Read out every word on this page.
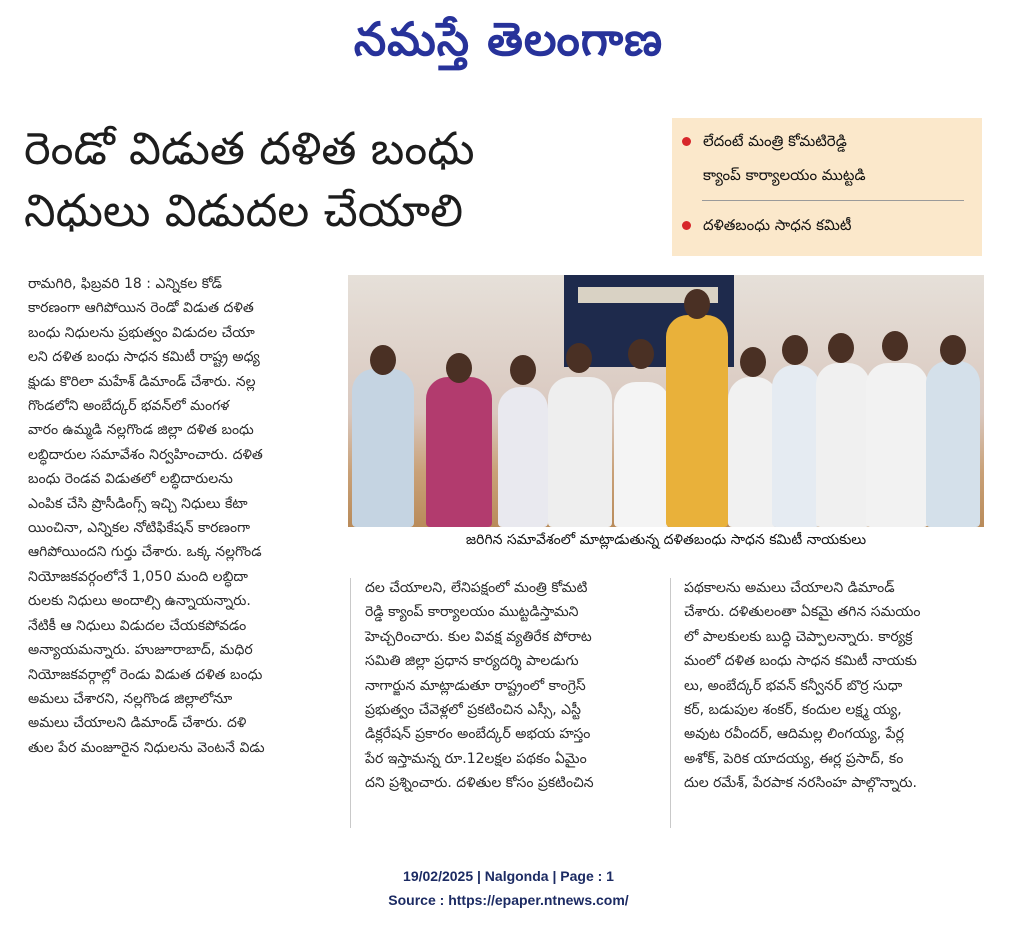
నమస్తే తెలంగాణ
రెండో విడుత దళిత బంధు
నిధులు విడుదల చేయాలి
లేదంటే మంత్రి కోమటిరెడ్డి
క్యాంప్ కార్యాలయం ముట్టడి
దళితబంధు సాధన కమిటీ
జరిగిన సమావేశంలో మాట్లాడుతున్న దళితబంధు సాధన కమిటీ నాయకులు
రామగిరి, ఫిబ్రవరి 18 : ఎన్నికల కోడ్
కారణంగా ఆగిపోయిన రెండో విడుత దళిత
బంధు నిధులను ప్రభుత్వం విడుదల చేయా
లని దళిత బంధు సాధన కమిటీ రాష్ట్ర అధ్య
క్షుడు కొరిలా మహేశ్ డిమాండ్ చేశారు. నల్ల
గొండలోని అంబేద్కర్ భవన్‌లో మంగళ
వారం ఉమ్మడి నల్లగొండ జిల్లా దళిత బంధు
లబ్ధిదారుల సమావేశం నిర్వహించారు. దళిత
బంధు రెండవ విడుతలో లబ్ధిదారులను
ఎంపిక చేసి ప్రొసీడింగ్స్ ఇచ్చి నిధులు కేటా
యించినా, ఎన్నికల నోటిఫికేషన్ కారణంగా
ఆగిపోయిందని గుర్తు చేశారు. ఒక్క నల్లగొండ
నియోజకవర్గంలోనే 1,050 మంది లబ్ధిదా
రులకు నిధులు అందాల్సి ఉన్నాయన్నారు.
నేటికీ ఆ నిధులు విడుదల చేయకపోవడం
అన్యాయమన్నారు. హుజూరాబాద్, మధిర
నియోజకవర్గాల్లో రెండు విడుత దళిత బంధు
అమలు చేశారని, నల్లగొండ జిల్లాలోనూ
అమలు చేయాలని డిమాండ్ చేశారు. దళి
తుల పేర మంజూరైన నిధులను వెంటనే విడు
దల చేయాలని, లేనిపక్షంలో మంత్రి కోమటి
రెడ్డి క్యాంప్ కార్యాలయం ముట్టడిస్తామని
హెచ్చరించారు. కుల వివక్ష వ్యతిరేక పోరాట
సమితి జిల్లా ప్రధాన కార్యదర్శి పాలడుగు
నాగార్జున మాట్లాడుతూ రాష్ట్రంలో కాంగ్రెస్
ప్రభుత్వం చేవెళ్లలో ప్రకటించిన ఎస్సీ, ఎస్టీ
డిక్లరేషన్ ప్రకారం అంబేద్కర్ అభయ హస్తం
పేర ఇస్తామన్న రూ.12లక్షల పథకం ఏమైం
దని ప్రశ్నించారు. దళితుల కోసం ప్రకటించిన
పథకాలను అమలు చేయాలని డిమాండ్
చేశారు. దళితులంతా ఏకమై తగిన సమయం
లో పాలకులకు బుద్ధి చెప్పాలన్నారు. కార్యక్ర
మంలో దళిత బంధు సాధన కమిటీ నాయకు
లు, అంబేద్కర్ భవన్ కన్వీనర్ బొర్ర సుధా
కర్, బడుపుల శంకర్, కందుల లక్ష్మ య్య,
అవుట రవీందర్, ఆదిమల్ల లింగయ్య, పేర్ల
అశోక్, పెరిక యాదయ్య, ఈర్ల ప్రసాద్, కం
దుల రమేశ్, పేరపాక నరసింహ పాల్గొన్నారు.
19/02/2025 | Nalgonda | Page : 1
Source : https://epaper.ntnews.com/
